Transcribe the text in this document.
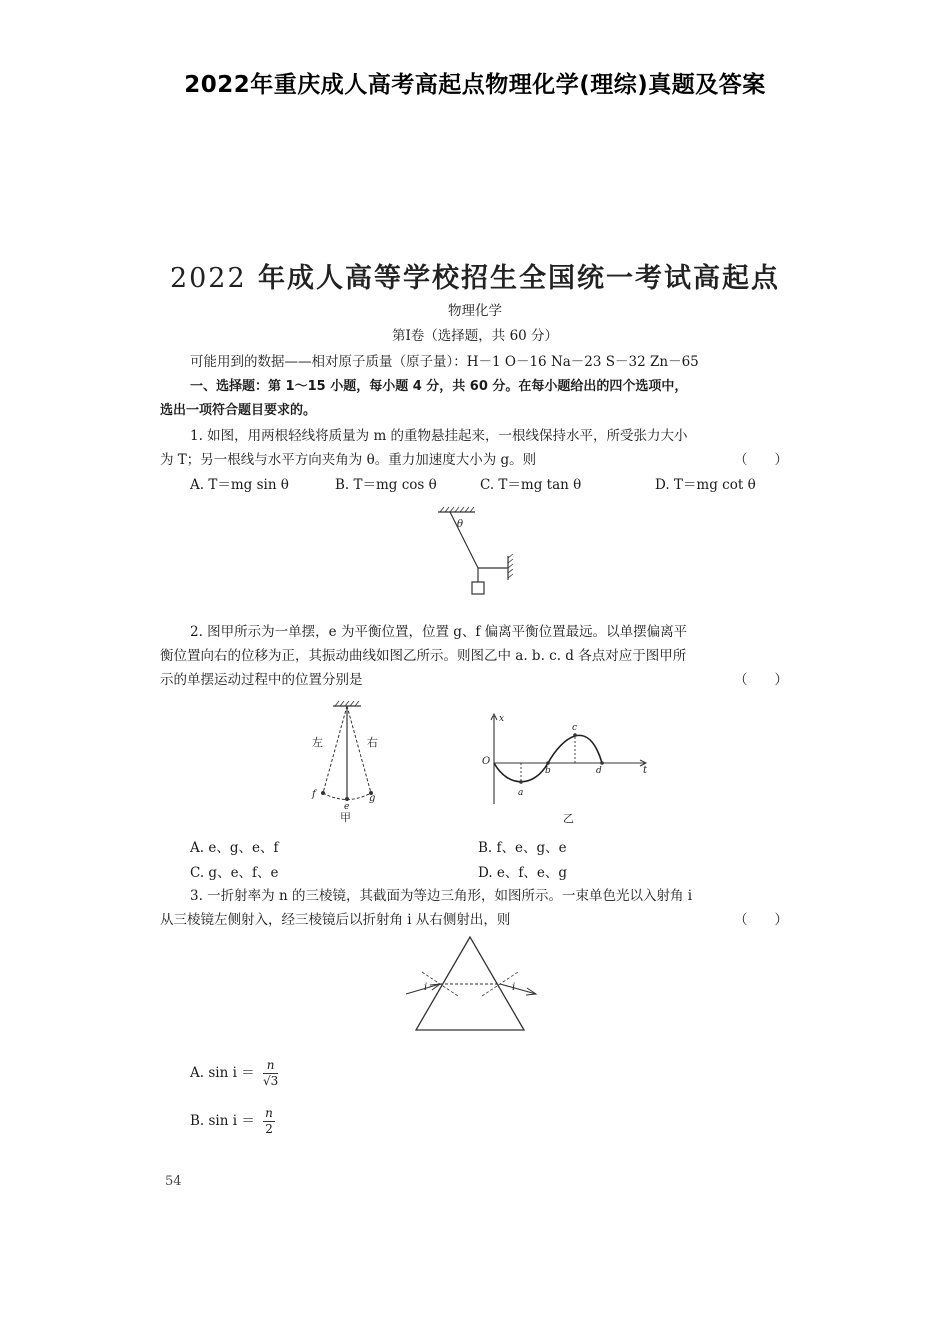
2022年重庆成人高考高起点物理化学(理综)真题及答案
2022 年成人高等学校招生全国统一考试高起点
物理化学
第Ⅰ卷（选择题，共 60 分）
可能用到的数据——相对原子质量（原子量）：H－1 O－16 Na－23 S－32 Zn－65
一、选择题：第 1～15 小题，每小题 4 分，共 60 分。在每小题给出的四个选项中，
选出一项符合题目要求的。
1. 如图，用两根轻线将质量为 m 的重物悬挂起来，一根线保持水平，所受张力大小
为 T；另一根线与水平方向夹角为 θ。重力加速度大小为 g。则	（　　）
A. T＝mg sin θ	B. T＝mg cos θ	C. T＝mg tan θ	D. T＝mg cot θ
θ
2. 图甲所示为一单摆，e 为平衡位置，位置 g、f 偏离平衡位置最远。以单摆偏离平
衡位置向右的位移为正，其振动曲线如图乙所示。则图乙中 a. b. c. d 各点对应于图甲所
示的单摆运动过程中的位置分别是	（　　）
左	右
f	g
e
甲
x
O
t
a
b
c
d
乙
A. e、g、e、f	B. f、e、g、e
C. g、e、f、e	D. e、f、e、g
3. 一折射率为 n 的三棱镜，其截面为等边三角形，如图所示。一束单色光以入射角 i
从三棱镜左侧射入，经三棱镜后以折射角 i 从右侧射出，则	（　　）
i	i
A. $\sin i = \frac{n}{√3}$
B. $\sin i = \frac{n}{2}$
54
